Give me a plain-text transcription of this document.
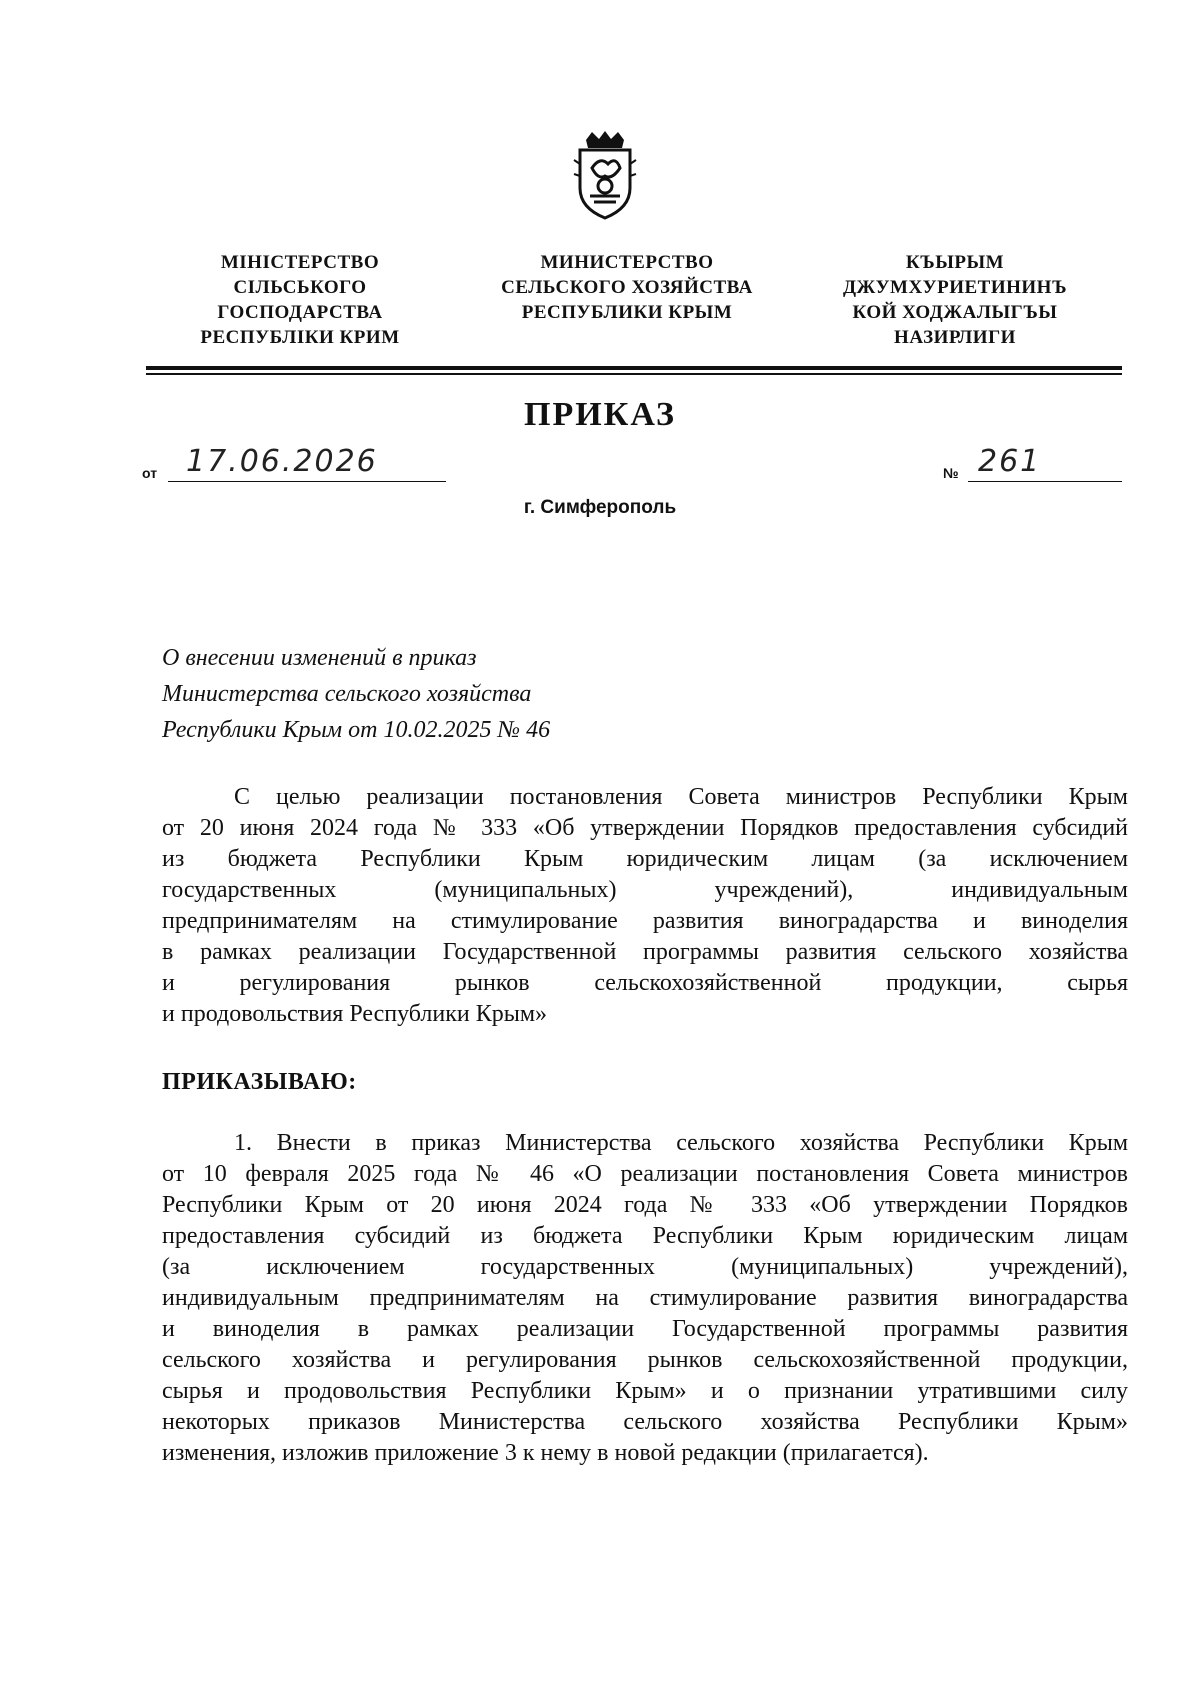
МІНІСТЕРСТВО
СІЛЬСЬКОГО
ГОСПОДАРСТВА
РЕСПУБЛІКИ КРИМ
МИНИСТЕРСТВО
СЕЛЬСКОГО ХОЗЯЙСТВА
РЕСПУБЛИКИ КРЫМ
КЪЫРЫМ
ДЖУМХУРИЕТИНИНЪ
КОЙ ХОДЖАЛЫГЪЫ
НАЗИРЛИГИ
ПРИКАЗ
от 17.06.2026	№ 261
г. Симферополь
О внесении изменений в приказ
Министерства сельского хозяйства
Республики Крым от 10.02.2025 № 46
С целью реализации постановления Совета министров Республики Крым
от 20 июня 2024 года № 333 «Об утверждении Порядков предоставления субсидий
из бюджета Республики Крым юридическим лицам (за исключением
государственных (муниципальных) учреждений), индивидуальным
предпринимателям на стимулирование развития виноградарства и виноделия
в рамках реализации Государственной программы развития сельского хозяйства
и регулирования рынков сельскохозяйственной продукции, сырья
и продовольствия Республики Крым»
ПРИКАЗЫВАЮ:
1. Внести в приказ Министерства сельского хозяйства Республики Крым
от 10 февраля 2025 года № 46 «О реализации постановления Совета министров
Республики Крым от 20 июня 2024 года № 333 «Об утверждении Порядков
предоставления субсидий из бюджета Республики Крым юридическим лицам
(за исключением государственных (муниципальных) учреждений),
индивидуальным предпринимателям на стимулирование развития виноградарства
и виноделия в рамках реализации Государственной программы развития
сельского хозяйства и регулирования рынков сельскохозяйственной продукции,
сырья и продовольствия Республики Крым» и о признании утратившими силу
некоторых приказов Министерства сельского хозяйства Республики Крым»
изменения, изложив приложение 3 к нему в новой редакции (прилагается).
